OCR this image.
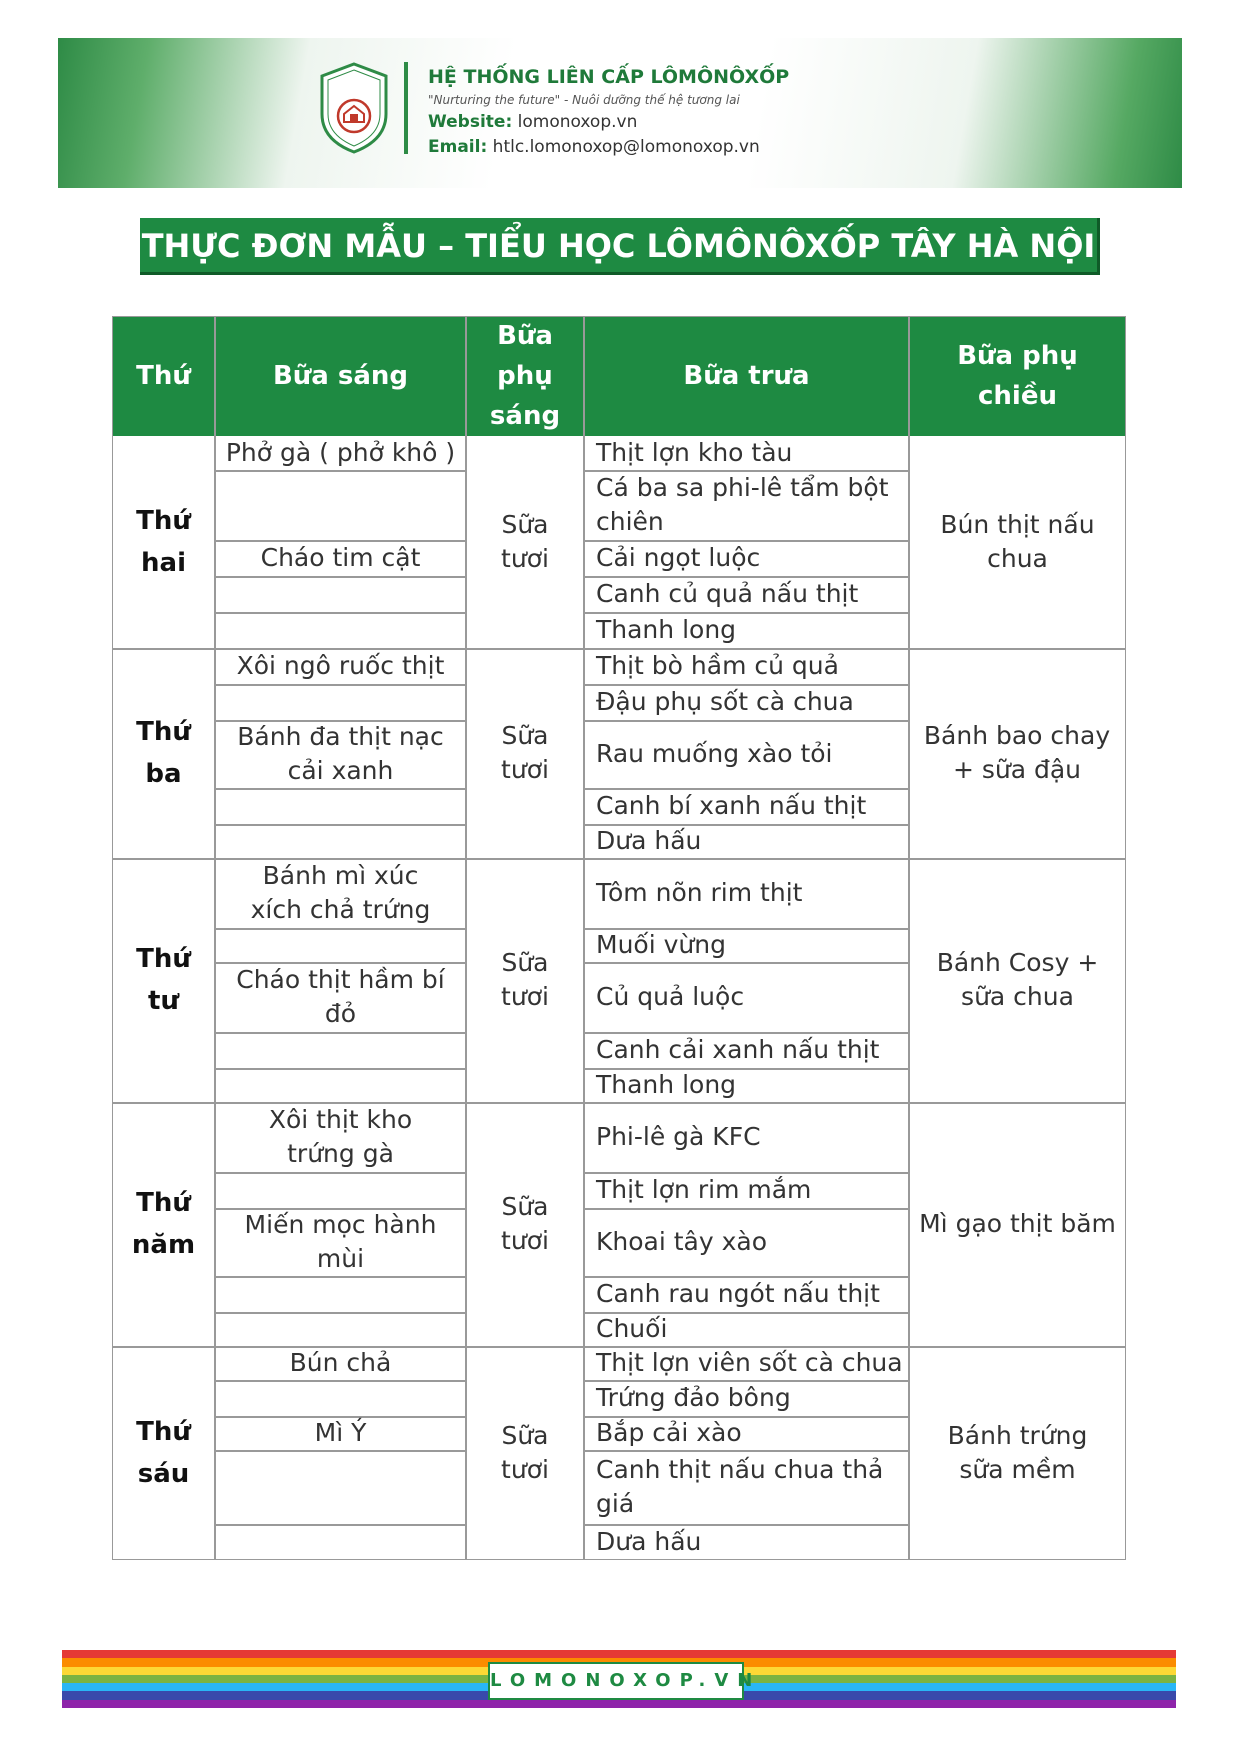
HỆ THỐNG LIÊN CẤP LÔMÔNÔXỐP
"Nurturing the future" - Nuôi dưỡng thế hệ tương lai
Website: lomonoxop.vn
Email: htlc.lomonoxop@lomonoxop.vn
THỰC ĐƠN MẪU – TIỂU HỌC LÔMÔNÔXỐP TÂY HÀ NỘI
Thứ	Bữa sáng
Bữa
phụ
sáng
Bữa trưa
Bữa phụ
chiều
Thứ
hai
Phở gà ( phở khô )
Cháo tim cật
Sữa
tươi
Thịt lợn kho tàu
Cá ba sa phi-lê tẩm bột chiên
Cải ngọt luộc
Canh củ quả nấu thịt
Thanh long
Bún thịt nấu chua
Thứ
ba
Xôi ngô ruốc thịt
Bánh đa thịt nạc cải xanh
Sữa
tươi
Thịt bò hầm củ quả
Đậu phụ sốt cà chua
Rau muống xào tỏi
Canh bí xanh nấu thịt
Dưa hấu
Bánh bao chay + sữa đậu
Thứ
tư
Bánh mì xúc xích chả trứng
Cháo thịt hầm bí đỏ
Sữa
tươi
Tôm nõn rim thịt
Muối vừng
Củ quả luộc
Canh cải xanh nấu thịt
Thanh long
Bánh Cosy + sữa chua
Thứ
năm
Xôi thịt kho trứng gà
Miến mọc hành mùi
Sữa
tươi
Phi-lê gà KFC
Thịt lợn rim mắm
Khoai tây xào
Canh rau ngót nấu thịt
Chuối
Mì gạo thịt băm
Thứ
sáu
Bún chả
Mì Ý	Sữa
tươi
Thịt lợn viên sốt cà chua
Trứng đảo bông
Bắp cải xào
Canh thịt nấu chua thả giá
Dưa hấu
Bánh trứng sữa mềm
LOMONOXOP.VN
